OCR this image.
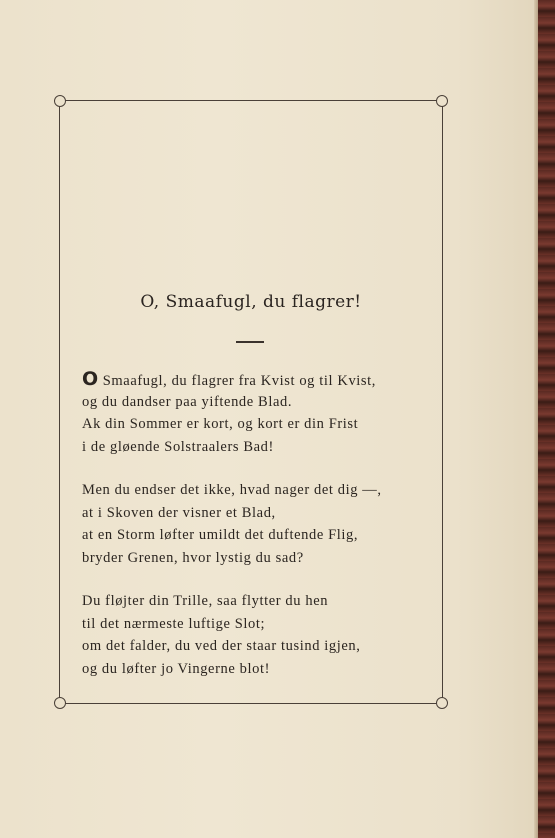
O, Smaafugl, du flagrer!
O Smaafugl, du flagrer fra Kvist og til Kvist,
og du dandser paa yiftende Blad.
Ak din Sommer er kort, og kort er din Frist
i de gløende Solstraalers Bad!
Men du endser det ikke, hvad nager det dig —,
at i Skoven der visner et Blad,
at en Storm løfter umildt det duftende Flig,
bryder Grenen, hvor lystig du sad?
Du fløjter din Trille, saa flytter du hen
til det nærmeste luftige Slot;
om det falder, du ved der staar tusind igjen,
og du løfter jo Vingerne blot!
